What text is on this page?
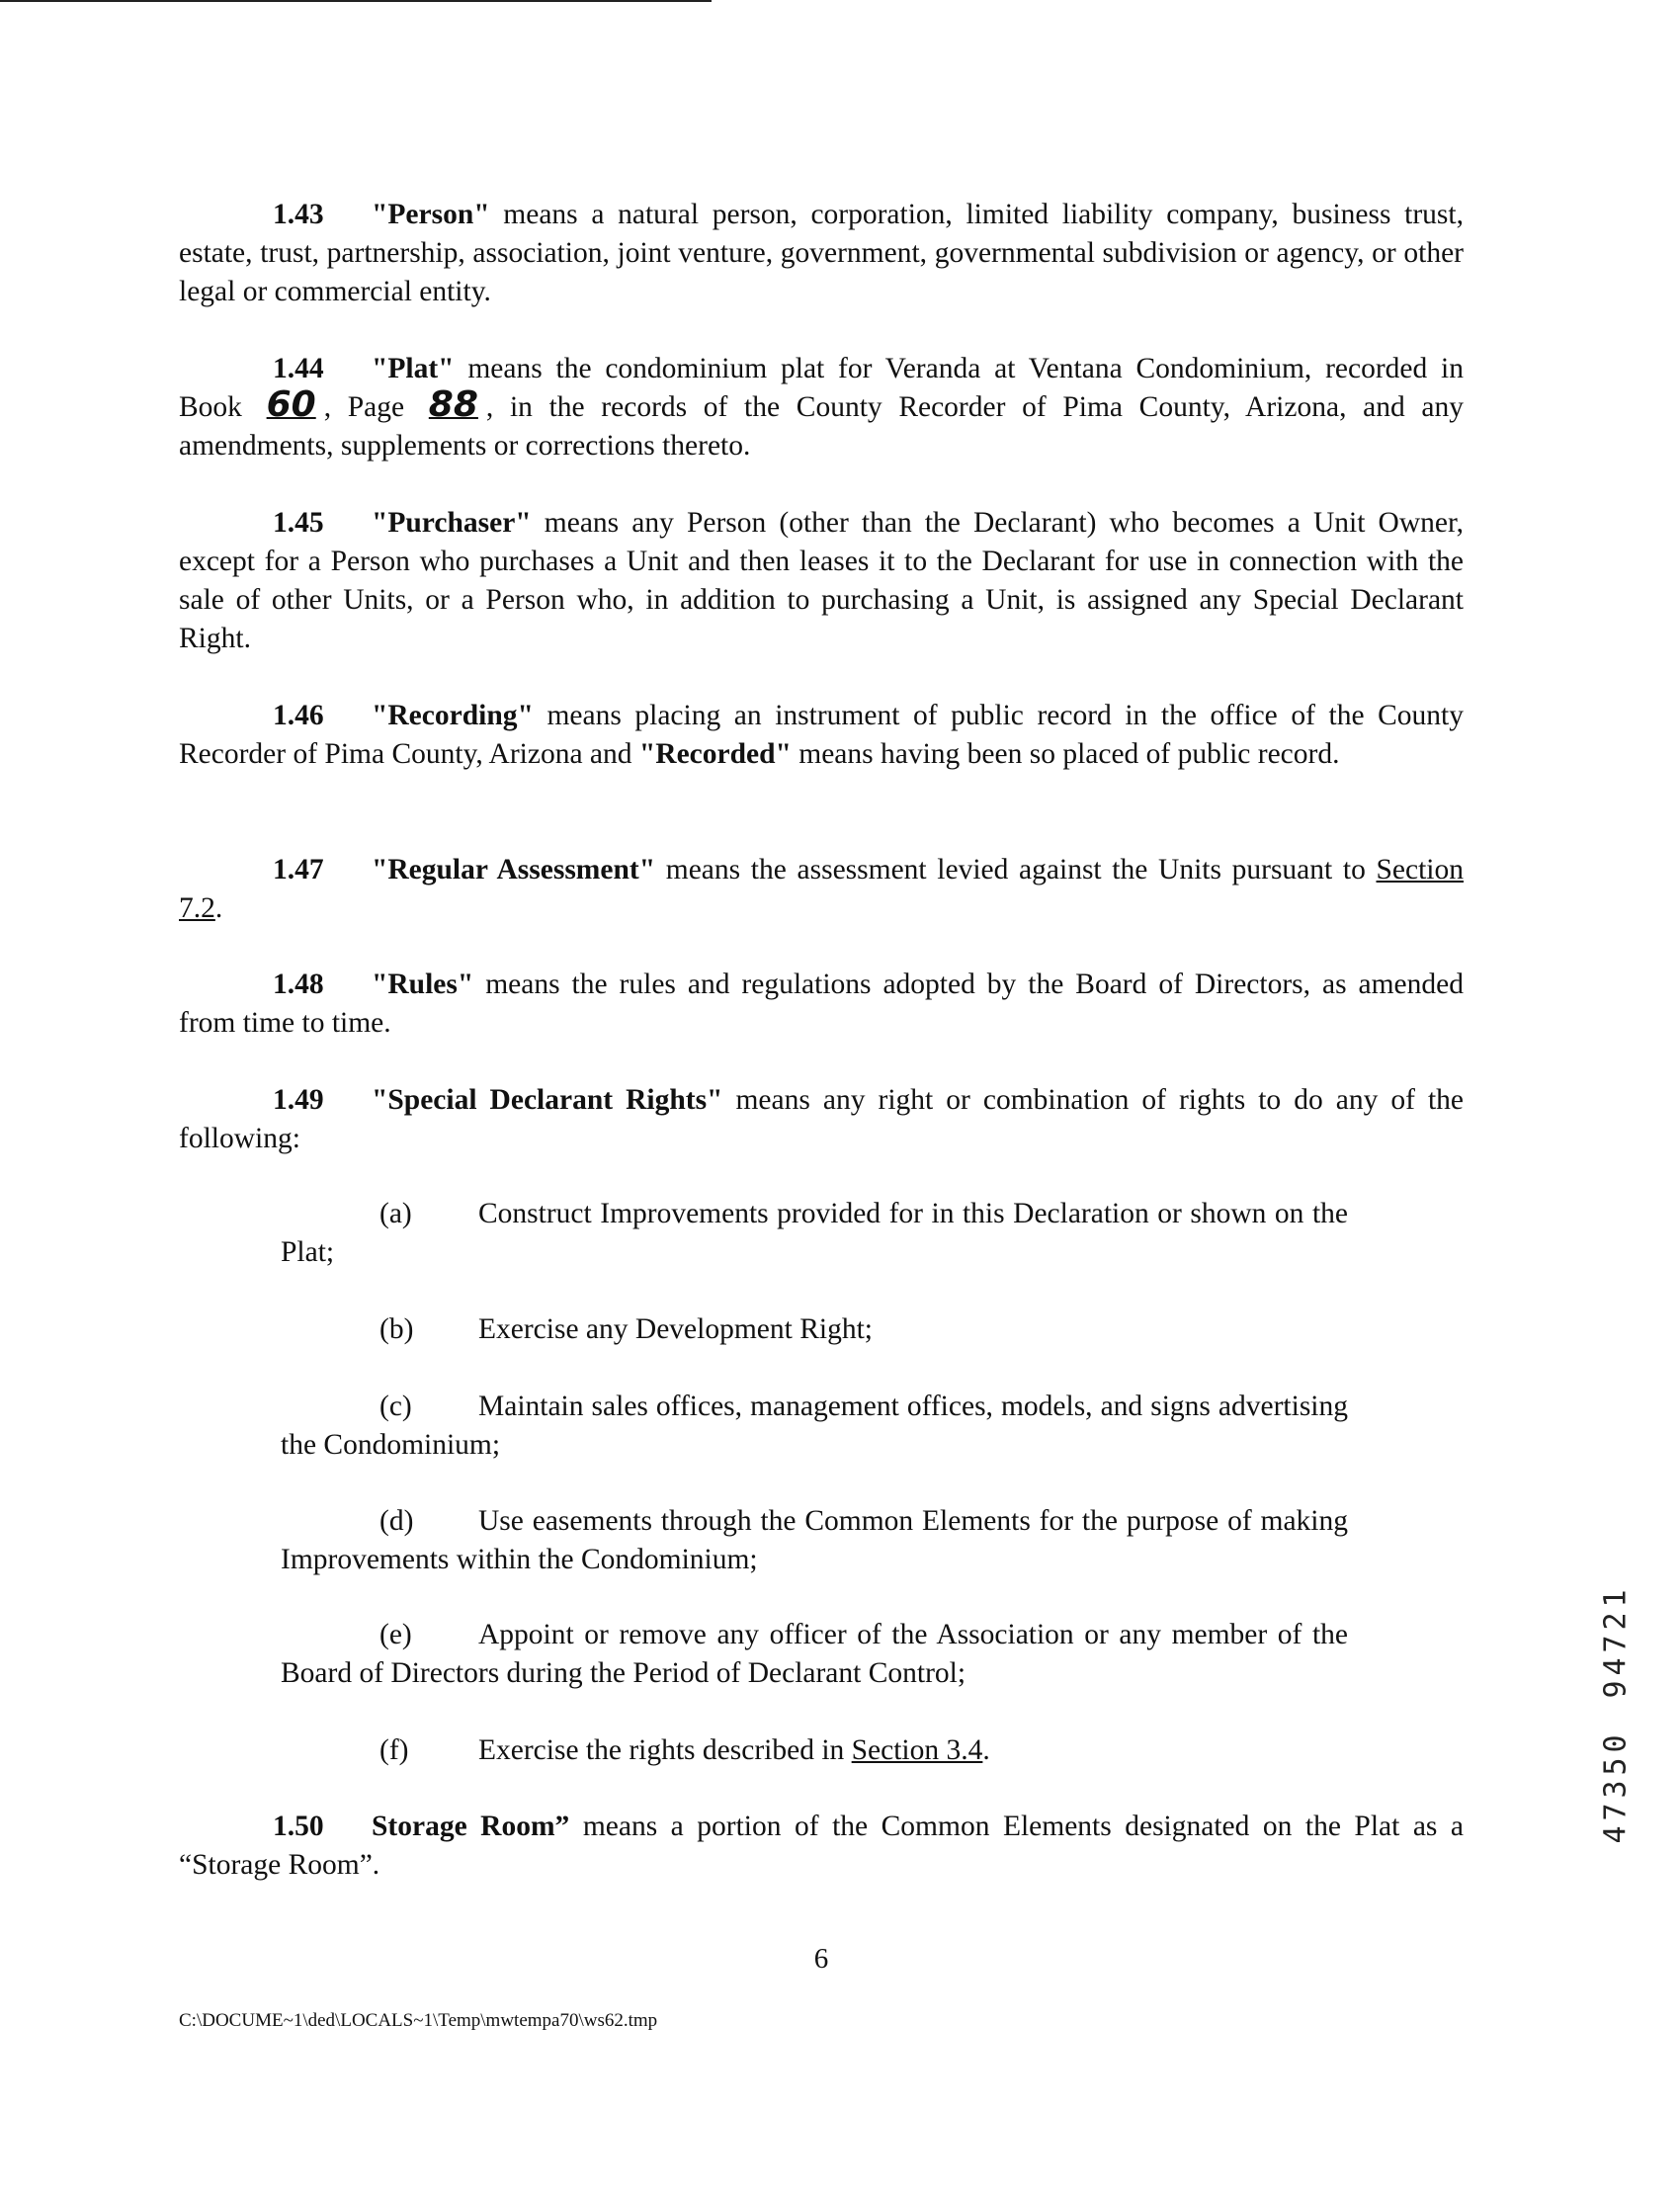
1.43 "Person" means a natural person, corporation, limited liability company, business trust, estate, trust, partnership, association, joint venture, government, governmental subdivision or agency, or other legal or commercial entity.

1.44 "Plat" means the condominium plat for Veranda at Ventana Condominium, recorded in Book 60 , Page 88 , in the records of the County Recorder of Pima County, Arizona, and any amendments, supplements or corrections thereto.

1.45 "Purchaser" means any Person (other than the Declarant) who becomes a Unit Owner, except for a Person who purchases a Unit and then leases it to the Declarant for use in connection with the sale of other Units, or a Person who, in addition to purchasing a Unit, is assigned any Special Declarant Right.

1.46 "Recording" means placing an instrument of public record in the office of the County Recorder of Pima County, Arizona and "Recorded" means having been so placed of public record.

1.47 "Regular Assessment" means the assessment levied against the Units pursuant to Section 7.2.

1.48 "Rules" means the rules and regulations adopted by the Board of Directors, as amended from time to time.

1.49 "Special Declarant Rights" means any right or combination of rights to do any of the following:

(a) Construct Improvements provided for in this Declaration or shown on the Plat;

(b) Exercise any Development Right;

(c) Maintain sales offices, management offices, models, and signs advertising the Condominium;

(d) Use easements through the Common Elements for the purpose of making Improvements within the Condominium;

(e) Appoint or remove any officer of the Association or any member of the Board of Directors during the Period of Declarant Control;

(f) Exercise the rights described in Section 3.4.

1.50 Storage Room” means a portion of the Common Elements designated on the Plat as a “Storage Room”.

6
C:\DOCUME~1\ded\LOCALS~1\Temp\mwtempa70\ws62.tmp
1
2
7
4
9
0
5
3
7
4
